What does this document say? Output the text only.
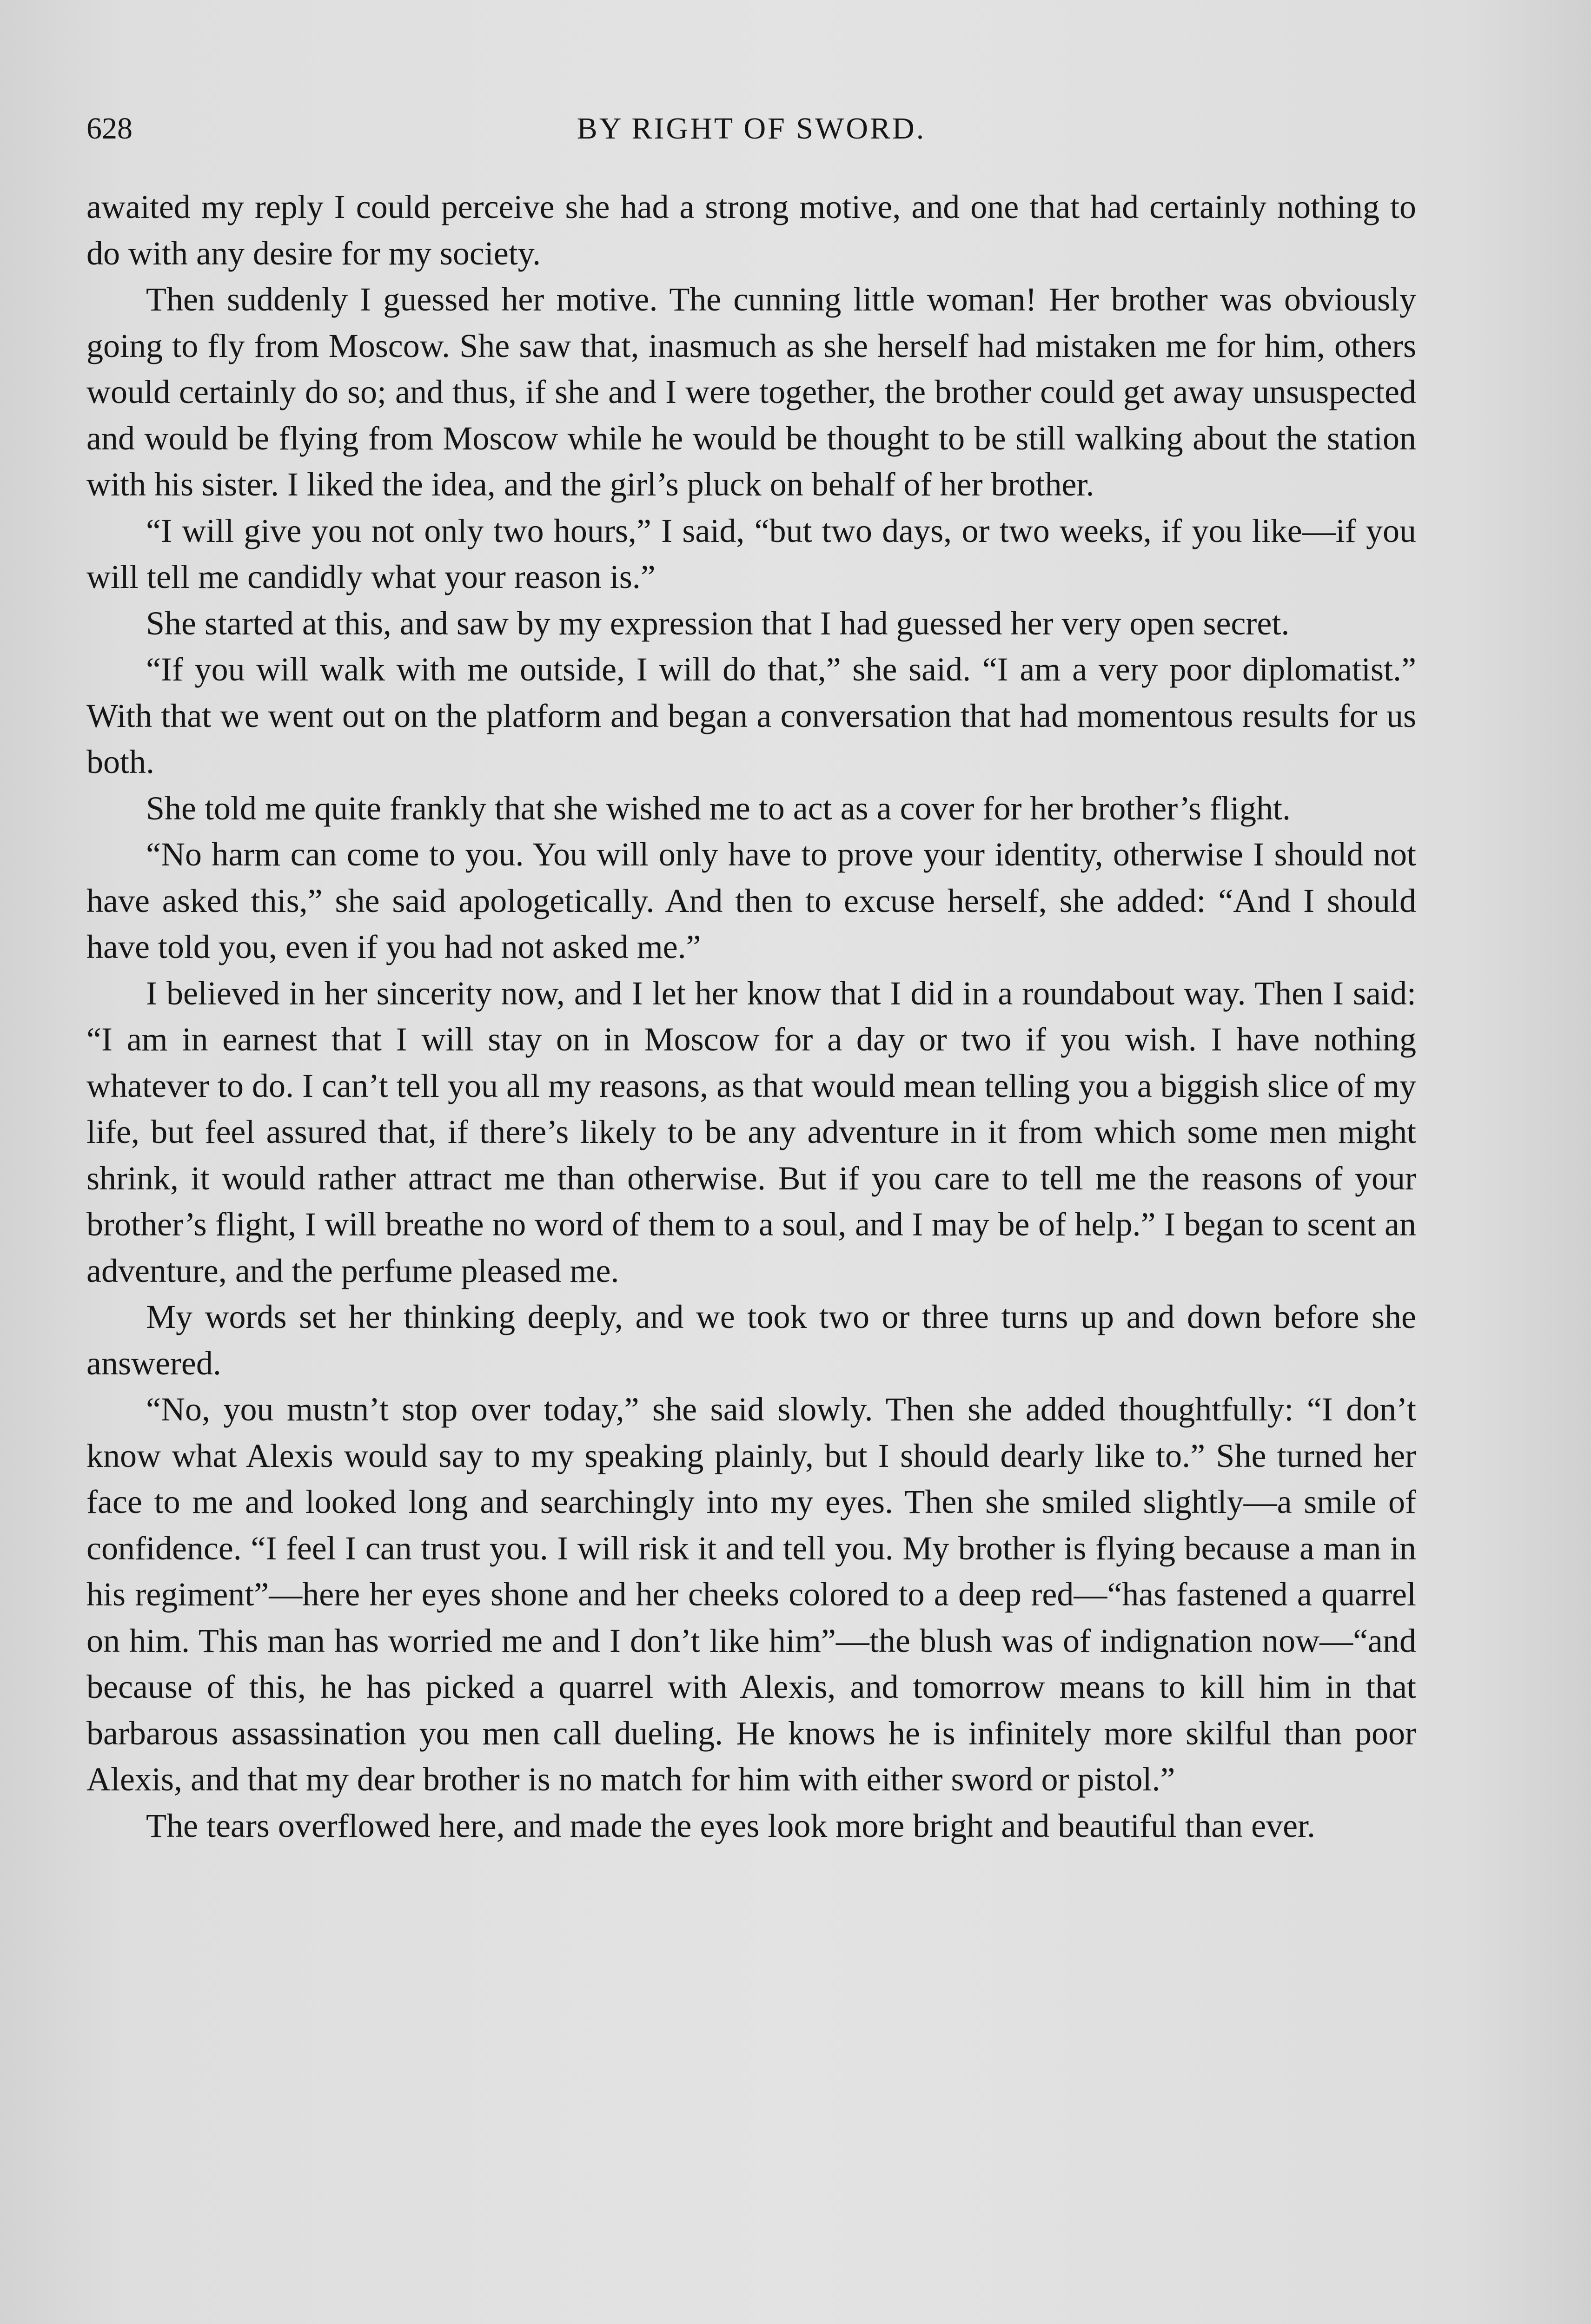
628	BY RIGHT OF SWORD.

awaited my reply I could perceive she had a strong motive, and one that had certainly nothing to do with any desire for my society.

Then suddenly I guessed her motive. The cunning little woman! Her brother was obviously going to fly from Moscow. She saw that, inasmuch as she herself had mistaken me for him, others would certainly do so; and thus, if she and I were together, the brother could get away unsuspected and would be flying from Moscow while he would be thought to be still walking about the station with his sister. I liked the idea, and the girl’s pluck on behalf of her brother.

“I will give you not only two hours,” I said, “but two days, or two weeks, if you like—if you will tell me candidly what your reason is.”

She started at this, and saw by my expression that I had guessed her very open secret.

“If you will walk with me outside, I will do that,” she said. “I am a very poor diplomatist.” With that we went out on the platform and began a conversation that had momentous results for us both.

She told me quite frankly that she wished me to act as a cover for her brother’s flight.

“No harm can come to you. You will only have to prove your identity, otherwise I should not have asked this,” she said apologetically. And then to excuse herself, she added: “And I should have told you, even if you had not asked me.”

I believed in her sincerity now, and I let her know that I did in a roundabout way. Then I said: “I am in earnest that I will stay on in Moscow for a day or two if you wish. I have nothing whatever to do. I can’t tell you all my reasons, as that would mean telling you a biggish slice of my life, but feel assured that, if there’s likely to be any adventure in it from which some men might shrink, it would rather attract me than otherwise. But if you care to tell me the reasons of your brother’s flight, I will breathe no word of them to a soul, and I may be of help.” I began to scent an adventure, and the perfume pleased me.

My words set her thinking deeply, and we took two or three turns up and down before she answered.

“No, you mustn’t stop over today,” she said slowly. Then she added thoughtfully: “I don’t know what Alexis would say to my speaking plainly, but I should dearly like to.” She turned her face to me and looked long and searchingly into my eyes. Then she smiled slightly—a smile of confidence. “I feel I can trust you. I will risk it and tell you. My brother is flying because a man in his regiment”—here her eyes shone and her cheeks colored to a deep red—“has fastened a quarrel on him. This man has worried me and I don’t like him”—the blush was of indignation now—“and because of this, he has picked a quarrel with Alexis, and tomorrow means to kill him in that barbarous assassination you men call dueling. He knows he is infinitely more skilful than poor Alexis, and that my dear brother is no match for him with either sword or pistol.”

The tears overflowed here, and made the eyes look more bright and beautiful than ever.
